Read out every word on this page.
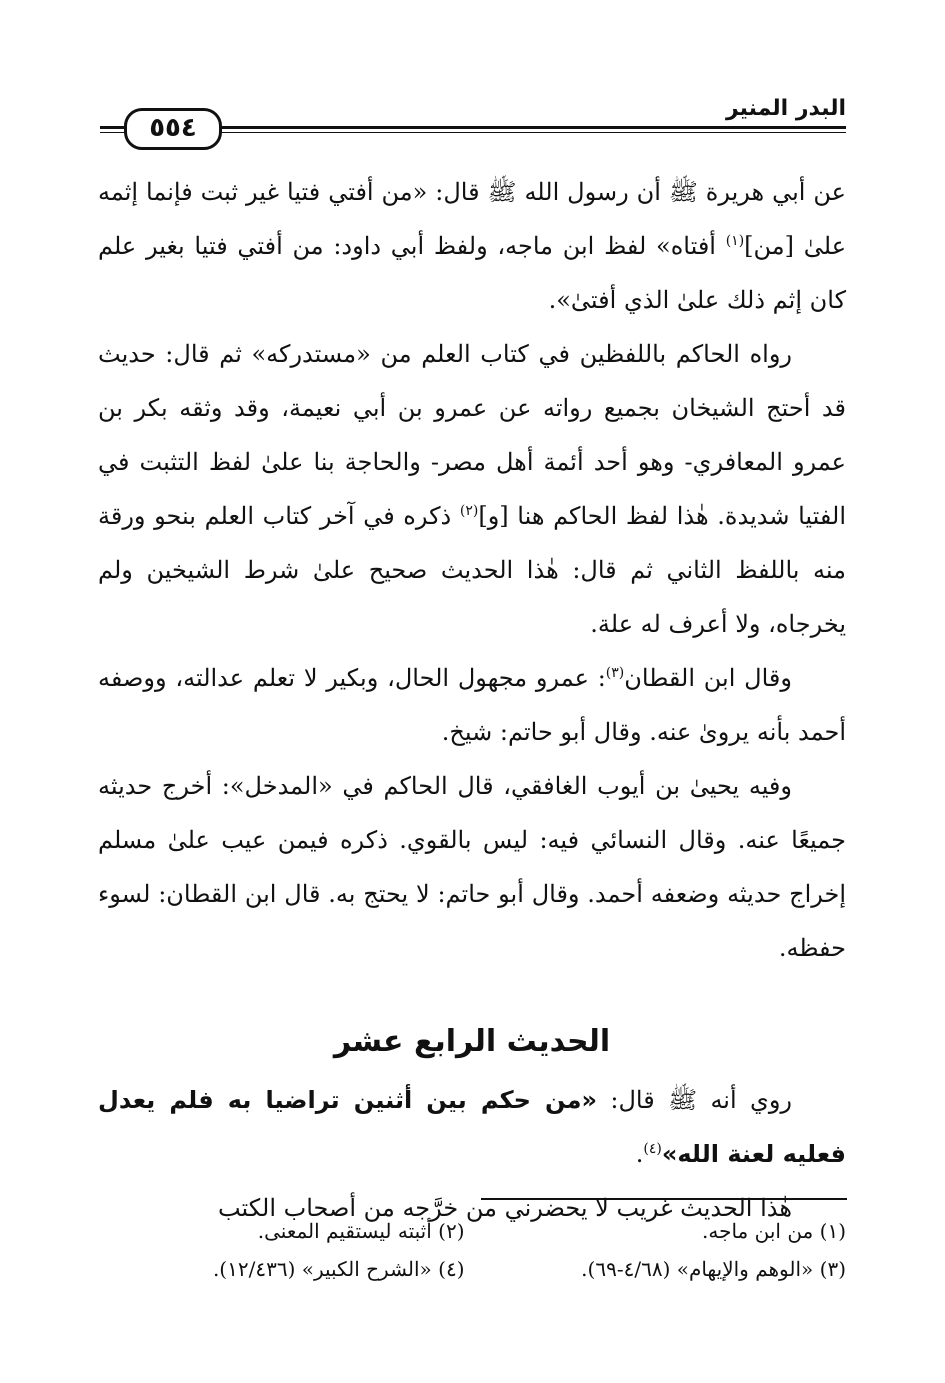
البدر المنير
٥٥٤

عن أبي هريرة ﷺ أن رسول الله ﷺ قال: «من أفتي فتيا غير ثبت فإنما إثمه علىٰ [من]$^{(١)}$ أفتاه» لفظ ابن ماجه، ولفظ أبي داود: من أفتي فتيا بغير علم كان إثم ذلك علىٰ الذي أفتىٰ».

رواه الحاكم باللفظين في كتاب العلم من «مستدركه» ثم قال: حديث قد أحتج الشيخان بجميع رواته عن عمرو بن أبي نعيمة، وقد وثقه بكر بن عمرو المعافري- وهو أحد أئمة أهل مصر- والحاجة بنا علىٰ لفظ التثبت في الفتيا شديدة. هٰذا لفظ الحاكم هنا [و]$^{(٢)}$ ذكره في آخر كتاب العلم بنحو ورقة منه باللفظ الثاني ثم قال: هٰذا الحديث صحيح علىٰ شرط الشيخين ولم يخرجاه، ولا أعرف له علة.

وقال ابن القطان$^{(٣)}$: عمرو مجهول الحال، وبكير لا تعلم عدالته، ووصفه أحمد بأنه يروىٰ عنه. وقال أبو حاتم: شيخ.

وفيه يحيىٰ بن أيوب الغافقي، قال الحاكم في «المدخل»: أخرج حديثه جميعًا عنه. وقال النسائي فيه: ليس بالقوي. ذكره فيمن عيب علىٰ مسلم إخراج حديثه وضعفه أحمد. وقال أبو حاتم: لا يحتج به. قال ابن القطان: لسوء حفظه.

الحديث الرابع عشر

روي أنه ﷺ قال: «من حكم بين أثنين تراضيا به فلم يعدل فعليه لعنة الله»$^{(٤)}$.

هٰذا الحديث غريب لا يحضرني من خرَّجه من أصحاب الكتب

(١) من ابن ماجه.
(٢) أثبته ليستقيم المعنى.
(٣) «الوهم والإيهام» (٤/٦٨-٦٩).
(٤) «الشرح الكبير» (١٢/٤٣٦).
